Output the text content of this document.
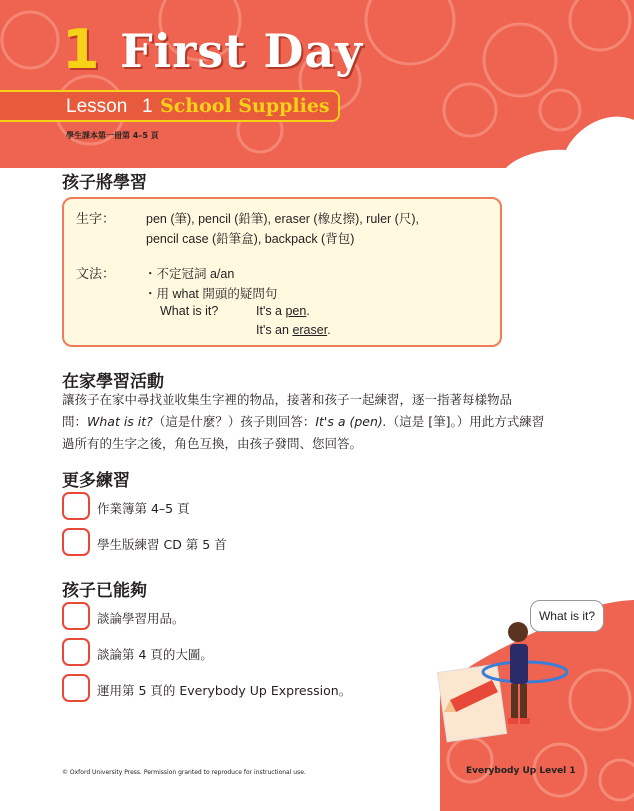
1 First Day
Lesson 1 School Supplies
學生課本第一冊第 4–5 頁
孩子將學習
生字： pen (筆), pencil (鉛筆), eraser (橡皮擦), ruler (尺),
pencil case (鉛筆盒), backpack (背包)
文法： ・不定冠詞 a/an
・用 what 開頭的疑問句
What is it?	It's a pen.
It's an eraser.
在家學習活動
讓孩子在家中尋找並收集生字裡的物品，接著和孩子一起練習，逐一指著每樣物品
問：What is it?（這是什麼？）孩子則回答：It's a (pen).（這是 [筆]。）用此方式練習
過所有的生字之後，角色互換，由孩子發問、您回答。
更多練習
作業簿第 4–5 頁
學生版練習 CD 第 5 首
孩子已能夠
談論學習用品。
談論第 4 頁的大圖。
運用第 5 頁的 Everybody Up Expression。
What is it?
© Oxford University Press. Permission granted to reproduce for instructional use.	Everybody Up Level 1
